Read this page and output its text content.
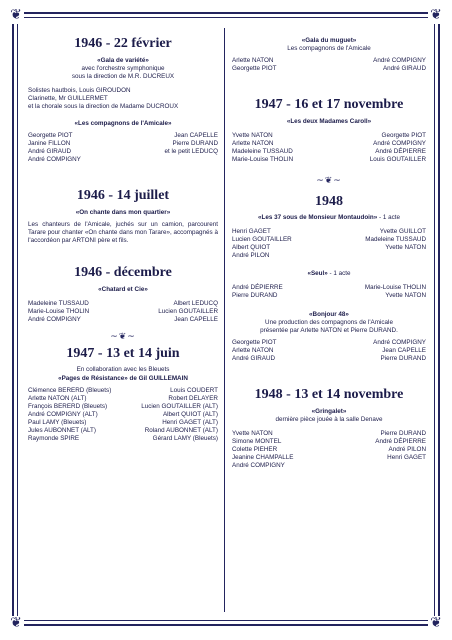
❦	❦
❦	❦
1946 - 22 février
«Gala de variété»
avec l'orchestre symphonique
sous la direction de M.R. DUCREUX
Solistes hautbois, Louis GIROUDON
Clarinette, Mr GUILLERMET
et la chorale sous la direction de Madame DUCROUX
«Les compagnons de l'Amicale»
Georgette PIOT	Jean CAPELLE
Janine FILLON	Pierre DURAND
André GIRAUD	et le petit LEDUCQ
André COMPIGNY
1946 - 14 juillet
«On chante dans mon quartier»
Les chanteurs de l'Amicale, juchés sur un camion, parcourent Tarare pour chanter «On chante dans mon Tarare», accompagnés à l'accordéon par ARTONI père et fils.
1946 - décembre
«Chatard et Cie»
Madeleine TUSSAUD	Albert LEDUCQ
Marie-Louise THOLIN	Lucien GOUTAILLER
André COMPIGNY	Jean CAPELLE
~❦~
1947 - 13 et 14 juin
En collaboration avec les Bleuets
«Pages de Résistance» de Gil GUILLEMAIN
Clémence BERERD (Bleuets)	Louis COUDERT
Arlette NATON (ALT)	Robert DELAYER
François BERERD (Bleuets)	Lucien GOUTAILLER (ALT)
André COMPIGNY (ALT)	Albert QUIOT (ALT)
Paul LAMY (Bleuets)	Henri GAGET (ALT)
Jules AUBONNET (ALT)	Roland AUBONNET (ALT)
Raymonde SPIRE	Gérard LAMY (Bleuets)
«Gala du muguet»
Les compagnons de l'Amicale
Arlette NATON	André COMPIGNY
Georgette PIOT	André GIRAUD
1947 - 16 et 17 novembre
«Les deux Madames Caroll»
Yvette NATON	Georgette PIOT
Arlette NATON	André COMPIGNY
Madeleine TUSSAUD	André DÉPIERRE
Marie-Louise THOLIN	Louis GOUTAILLER
~❦~
1948
«Les 37 sous de Monsieur Montaudoin» - 1 acte
Henri GAGET	Yvette GUILLOT
Lucien GOUTAILLER	Madeleine TUSSAUD
Albert QUIOT	Yvette NATON
André PILON
«Seul» - 1 acte
André DÉPIERRE	Marie-Louise THOLIN
Pierre DURAND	Yvette NATON
«Bonjour 48»
Une production des compagnons de l'Amicale
présentée par Arlette NATON et Pierre DURAND.
Georgette PIOT	André COMPIGNY
Arlette NATON	Jean CAPELLE
André GIRAUD	Pierre DURAND
1948 - 13 et 14 novembre
«Gringalet»
dernière pièce jouée à la salle Denave
Yvette NATON	Pierre DURAND
Simone MONTEL	André DÉPIERRE
Colette PIEHER	André PILON
Jeanine CHAMPALLE	Henri GAGET
André COMPIGNY
